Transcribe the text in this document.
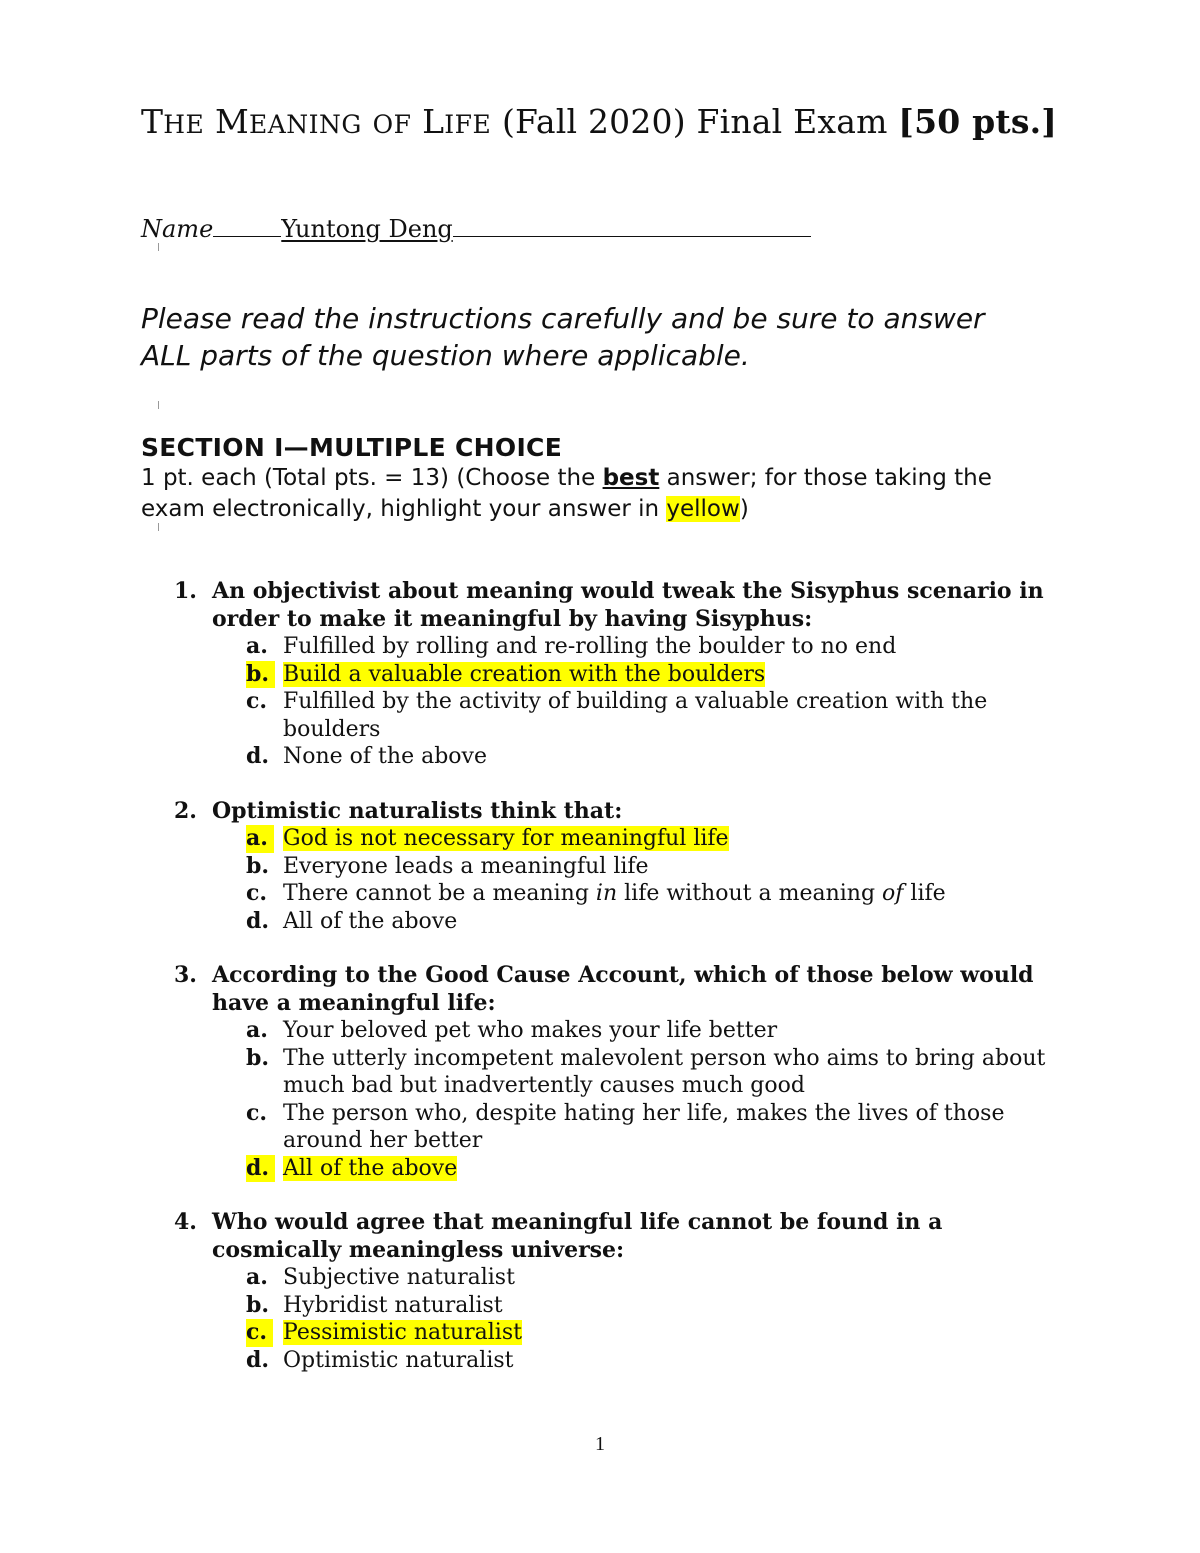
THE MEANING OF LIFE (Fall 2020) Final Exam [50 pts.]
Name	Yuntong Deng
Please read the instructions carefully and be sure to answer ALL parts of the question where applicable.
SECTION I—MULTIPLE CHOICE
1 pt. each (Total pts. = 13) (Choose the best answer; for those taking the exam electronically, highlight your answer in yellow)
1. An objectivist about meaning would tweak the Sisyphus scenario in order to make it meaningful by having Sisyphus:
a. Fulfilled by rolling and re-rolling the boulder to no end
b. Build a valuable creation with the boulders
c. Fulfilled by the activity of building a valuable creation with the boulders
d. None of the above
2. Optimistic naturalists think that:
a. God is not necessary for meaningful life
b. Everyone leads a meaningful life
c. There cannot be a meaning in life without a meaning of life
d. All of the above
3. According to the Good Cause Account, which of those below would have a meaningful life:
a. Your beloved pet who makes your life better
b. The utterly incompetent malevolent person who aims to bring about much bad but inadvertently causes much good
c. The person who, despite hating her life, makes the lives of those around her better
d. All of the above
4. Who would agree that meaningful life cannot be found in a cosmically meaningless universe:
a. Subjective naturalist
b. Hybridist naturalist
c. Pessimistic naturalist
d. Optimistic naturalist
1
